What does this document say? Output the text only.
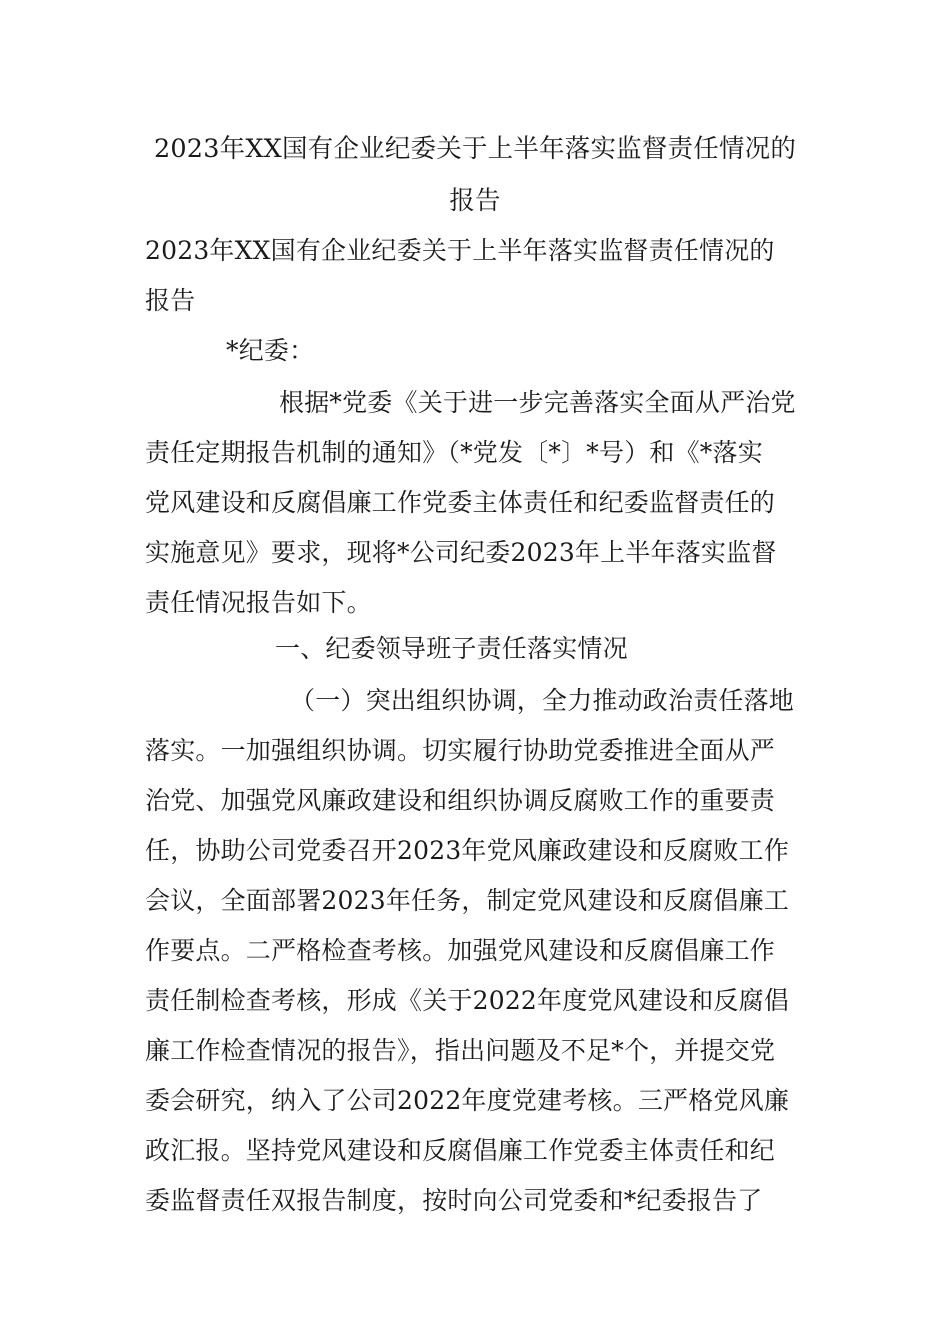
2023年XX国有企业纪委关于上半年落实监督责任情况的
报告
2023年XX国有企业纪委关于上半年落实监督责任情况的
报告
*纪委：
根据*党委《关于进一步完善落实全面从严治党
责任定期报告机制的通知》（*党发〔*〕*号）和《*落实
党风建设和反腐倡廉工作党委主体责任和纪委监督责任的
实施意见》要求，现将*公司纪委2023年上半年落实监督
责任情况报告如下。
一、纪委领导班子责任落实情况
（一）突出组织协调，全力推动政治责任落地
落实。一加强组织协调。切实履行协助党委推进全面从严
治党、加强党风廉政建设和组织协调反腐败工作的重要责
任，协助公司党委召开2023年党风廉政建设和反腐败工作
会议，全面部署2023年任务，制定党风建设和反腐倡廉工
作要点。二严格检查考核。加强党风建设和反腐倡廉工作
责任制检查考核，形成《关于2022年度党风建设和反腐倡
廉工作检查情况的报告》，指出问题及不足*个，并提交党
委会研究，纳入了公司2022年度党建考核。三严格党风廉
政汇报。坚持党风建设和反腐倡廉工作党委主体责任和纪
委监督责任双报告制度，按时向公司党委和*纪委报告了
